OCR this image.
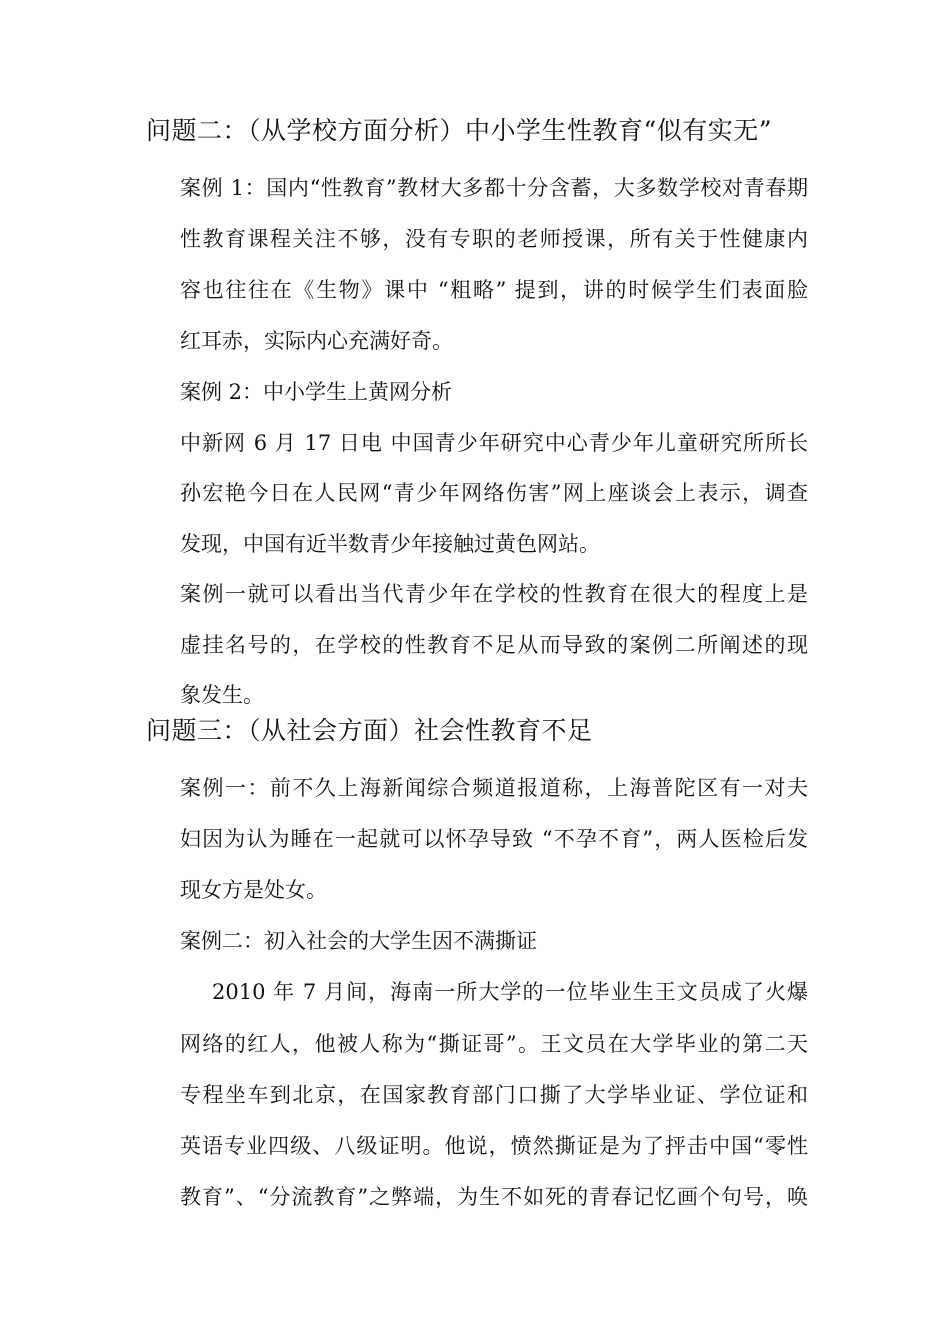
问题二：（从学校方面分析）中小学生性教育“似有实无”
案例 1：国内“性教育”教材大多都十分含蓄，大多数学校对青春期
性教育课程关注不够，没有专职的老师授课，所有关于性健康内
容也往往在《生物》课中 “粗略” 提到，讲的时候学生们表面脸
红耳赤，实际内心充满好奇。
案例 2：中小学生上黄网分析
中新网 6 月 17 日电 中国青少年研究中心青少年儿童研究所所长
孙宏艳今日在人民网“青少年网络伤害”网上座谈会上表示，调查
发现，中国有近半数青少年接触过黄色网站。
案例一就可以看出当代青少年在学校的性教育在很大的程度上是
虚挂名号的，在学校的性教育不足从而导致的案例二所阐述的现
象发生。
问题三：（从社会方面）社会性教育不足
案例一：前不久上海新闻综合频道报道称，上海普陀区有一对夫
妇因为认为睡在一起就可以怀孕导致 “不孕不育”，两人医检后发
现女方是处女。
案例二：初入社会的大学生因不满撕证
2010 年 7 月间，海南一所大学的一位毕业生王文员成了火爆
网络的红人，他被人称为“撕证哥”。王文员在大学毕业的第二天
专程坐车到北京，在国家教育部门口撕了大学毕业证、学位证和
英语专业四级、八级证明。他说，愤然撕证是为了抨击中国“零性
教育”、“分流教育”之弊端，为生不如死的青春记忆画个句号，唤
